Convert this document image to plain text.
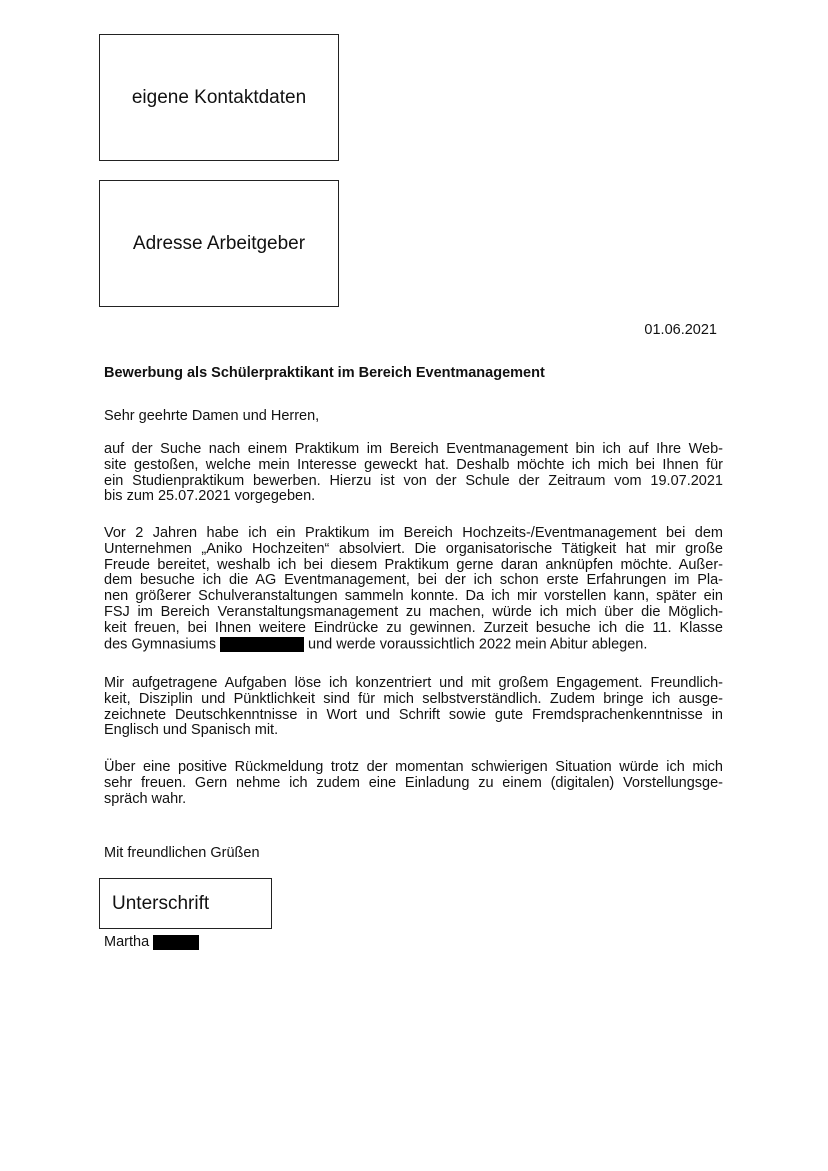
eigene Kontaktdaten
Adresse Arbeitgeber
01.06.2021
Bewerbung als Schülerpraktikant im Bereich Eventmanagement
Sehr geehrte Damen und Herren,
auf der Suche nach einem Praktikum im Bereich Eventmanagement bin ich auf Ihre Web-
site gestoßen, welche mein Interesse geweckt hat. Deshalb möchte ich mich bei Ihnen für
ein Studienpraktikum bewerben. Hierzu ist von der Schule der Zeitraum vom 19.07.2021
bis zum 25.07.2021 vorgegeben.
Vor 2 Jahren habe ich ein Praktikum im Bereich Hochzeits-/Eventmanagement bei dem
Unternehmen „Aniko Hochzeiten“ absolviert. Die organisatorische Tätigkeit hat mir große
Freude bereitet, weshalb ich bei diesem Praktikum gerne daran anknüpfen möchte. Außer-
dem besuche ich die AG Eventmanagement, bei der ich schon erste Erfahrungen im Pla-
nen größerer Schulveranstaltungen sammeln konnte. Da ich mir vorstellen kann, später ein
FSJ im Bereich Veranstaltungsmanagement zu machen, würde ich mich über die Möglich-
keit freuen, bei Ihnen weitere Eindrücke zu gewinnen. Zurzeit besuche ich die 11. Klasse
des Gymnasiums	und werde voraussichtlich 2022 mein Abitur ablegen.
Mir aufgetragene Aufgaben löse ich konzentriert und mit großem Engagement. Freundlich-
keit, Disziplin und Pünktlichkeit sind für mich selbstverständlich. Zudem bringe ich ausge-
zeichnete Deutschkenntnisse in Wort und Schrift sowie gute Fremdsprachenkenntnisse in
Englisch und Spanisch mit.
Über eine positive Rückmeldung trotz der momentan schwierigen Situation würde ich mich
sehr freuen. Gern nehme ich zudem eine Einladung zu einem (digitalen) Vorstellungsge-
spräch wahr.
Mit freundlichen Grüßen
Unterschrift
Martha
